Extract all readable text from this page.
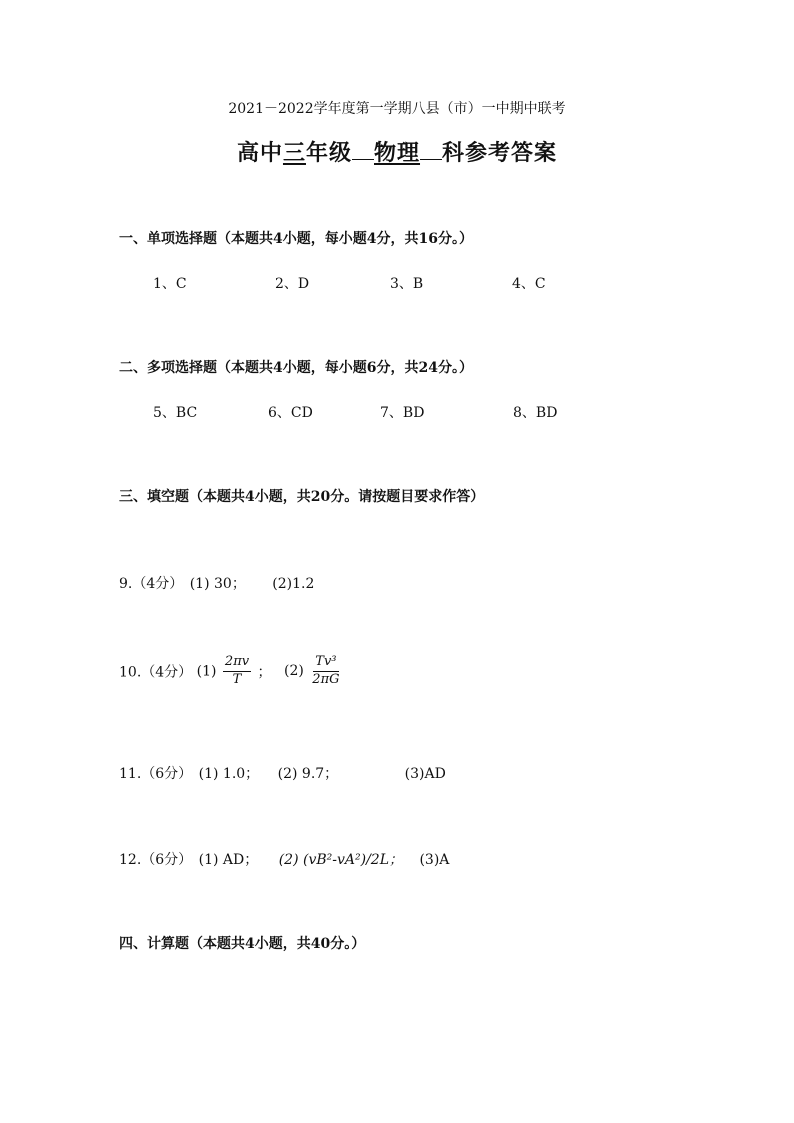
2021－2022学年度第一学期八县（市）一中期中联考
高中三年级 物理 科参考答案
一、单项选择题（本题共4小题，每小题4分，共16分。）
1、C	2、D	3、B	4、C
二、多项选择题（本题共4小题，每小题6分，共24分。）
5、BC	6、CD	7、BD	8、BD
三、填空题（本题共4小题，共20分。请按题目要求作答）
9.（4分） (1) 30； (2)1.2
10.（4分） $(1) \frac{2\pi v}{T}$ ； $(2) \frac{\text{Tv³}}{2\pi G}$
11.（6分） (1) 1.0； (2) 9.7；	(3)AD
12.（6分） (1) AD； (2) (vB²-vA²)/2L； (3)A
四、计算题（本题共4小题，共40分。）
